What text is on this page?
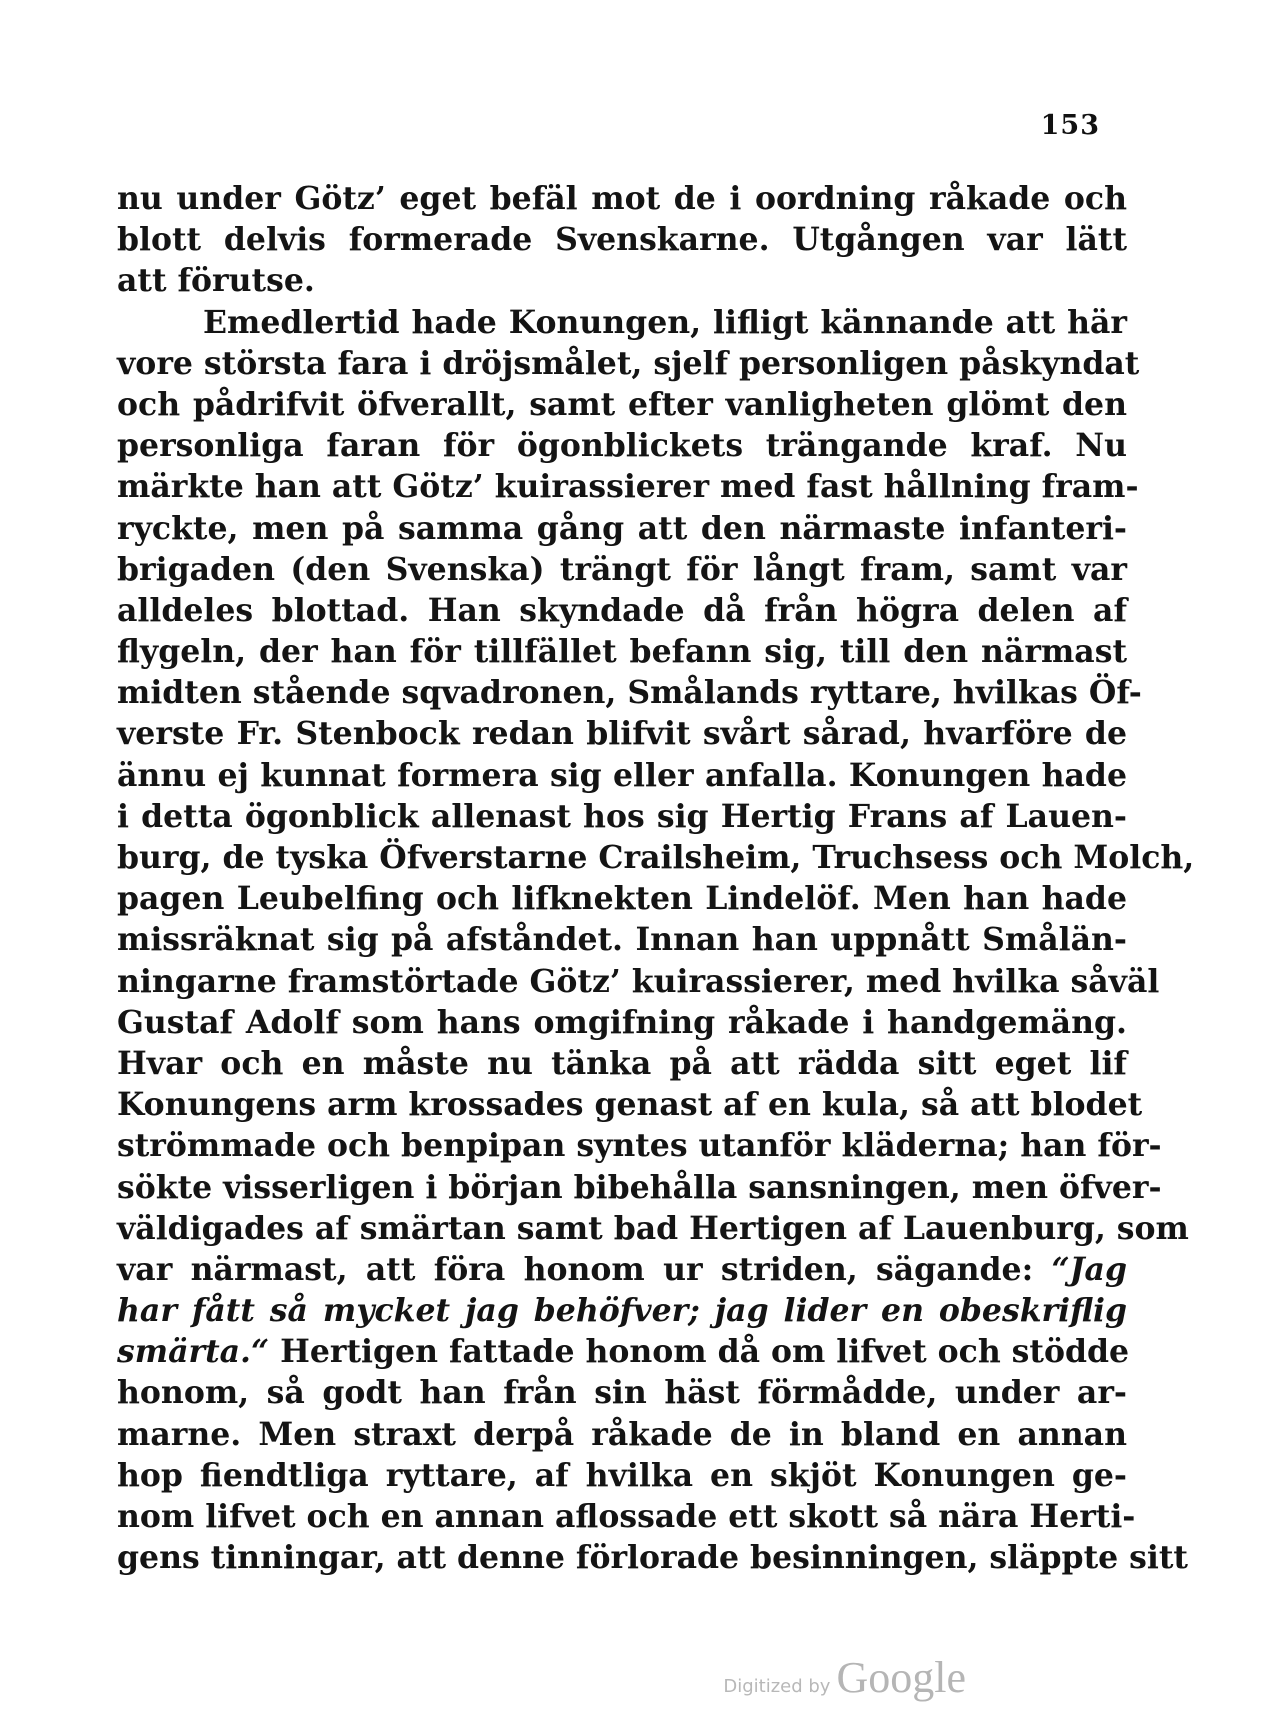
153
nu under Götz’ eget befäl mot de i oordning råkade och
blott delvis formerade Svenskarne. Utgången var lätt
att förutse.
Emedlertid hade Konungen, lifligt kännande att här
vore största fara i dröjsmålet, sjelf personligen påskyndat
och pådrifvit öfverallt, samt efter vanligheten glömt den
personliga faran för ögonblickets trängande kraf. Nu
märkte han att Götz’ kuirassierer med fast hållning fram-
ryckte, men på samma gång att den närmaste infanteri-
brigaden (den Svenska) trängt för långt fram, samt var
alldeles blottad. Han skyndade då från högra delen af
flygeln, der han för tillfället befann sig, till den närmast
midten stående sqvadronen, Smålands ryttare, hvilkas Öf-
verste Fr. Stenbock redan blifvit svårt sårad, hvarföre de
ännu ej kunnat formera sig eller anfalla. Konungen hade
i detta ögonblick allenast hos sig Hertig Frans af Lauen-
burg, de tyska Öfverstarne Crailsheim, Truchsess och Molch,
pagen Leubelfing och lifknekten Lindelöf. Men han hade
missräknat sig på afståndet. Innan han uppnått Smålän-
ningarne framstörtade Götz’ kuirassierer, med hvilka såväl
Gustaf Adolf som hans omgifning råkade i handgemäng.
Hvar och en måste nu tänka på att rädda sitt eget lif
Konungens arm krossades genast af en kula, så att blodet
strömmade och benpipan syntes utanför kläderna; han för-
sökte visserligen i början bibehålla sansningen, men öfver-
väldigades af smärtan samt bad Hertigen af Lauenburg, som
var närmast, att föra honom ur striden, sägande: “Jag
har fått så mycket jag behöfver; jag lider en obeskriflig
smärta.“ Hertigen fattade honom då om lifvet och stödde
honom, så godt han från sin häst förmådde, under ar-
marne. Men straxt derpå råkade de in bland en annan
hop fiendtliga ryttare, af hvilka en skjöt Konungen ge-
nom lifvet och en annan aflossade ett skott så nära Herti-
gens tinningar, att denne förlorade besinningen, släppte sitt
Digitized by Google
